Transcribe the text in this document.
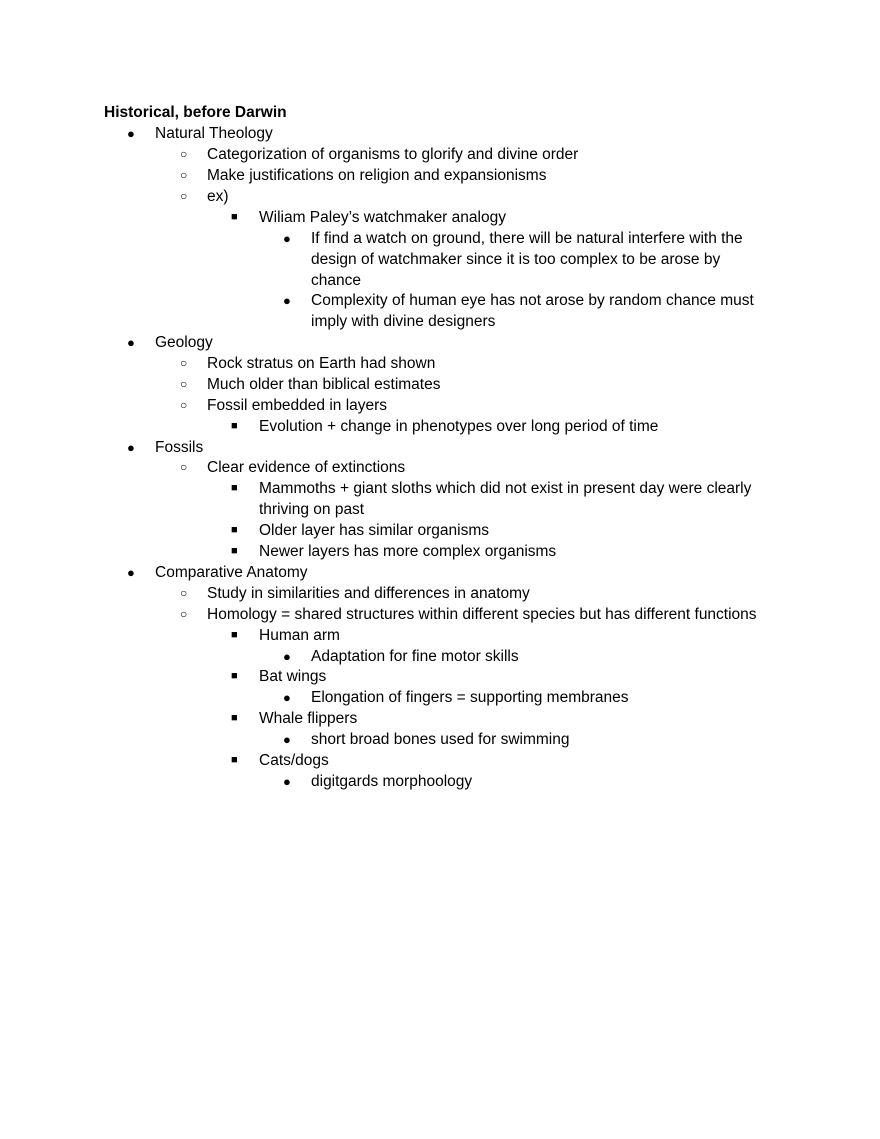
Historical, before Darwin
●	Natural Theology
○	Categorization of organisms to glorify and divine order
○	Make justifications on religion and expansionisms
○	ex)
■	Wiliam Paley’s watchmaker analogy
●	If find a watch on ground, there will be natural interfere with the
design of watchmaker since it is too complex to be arose by
chance
●	Complexity of human eye has not arose by random chance must
imply with divine designers
●	Geology
○	Rock stratus on Earth had shown
○	Much older than biblical estimates
○	Fossil embedded in layers
■	Evolution + change in phenotypes over long period of time
●	Fossils
○	Clear evidence of extinctions
■	Mammoths + giant sloths which did not exist in present day were clearly
thriving on past
■	Older layer has similar organisms
■	Newer layers has more complex organisms
●	Comparative Anatomy
○	Study in similarities and differences in anatomy
○	Homology = shared structures within different species but has different functions
■	Human arm
●	Adaptation for fine motor skills
■	Bat wings
●	Elongation of fingers = supporting membranes
■	Whale flippers
●	short broad bones used for swimming
■	Cats/dogs
●	digitgards morphoology
